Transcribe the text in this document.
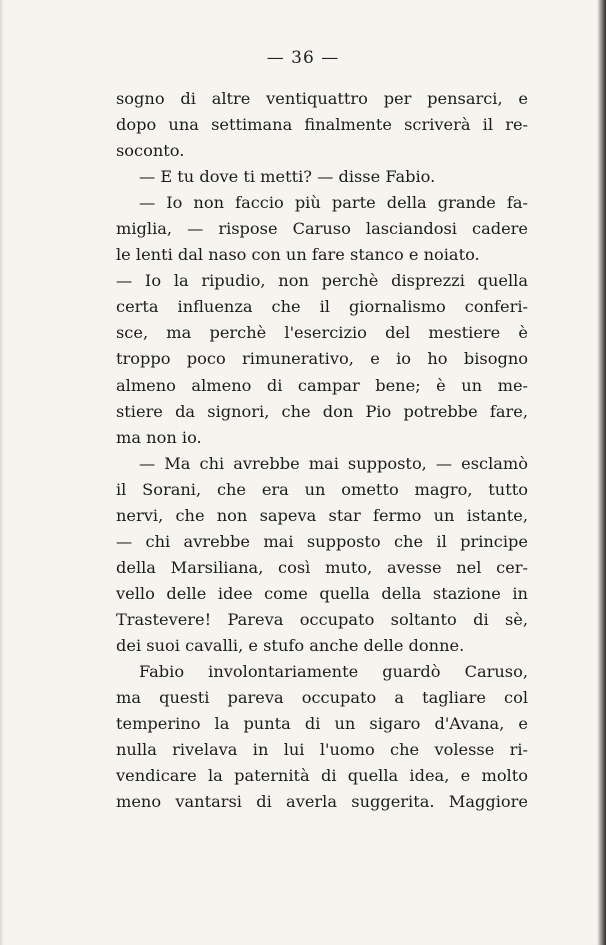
— 36 —
sogno di altre ventiquattro per pensarci, e
dopo una settimana finalmente scriverà il re-
soconto.
— E tu dove ti metti? — disse Fabio.
— Io non faccio più parte della grande fa-
miglia, — rispose Caruso lasciandosi cadere
le lenti dal naso con un fare stanco e noiato.
— Io la ripudio, non perchè disprezzi quella
certa influenza che il giornalismo conferi-
sce, ma perchè l'esercizio del mestiere è
troppo poco rimunerativo, e io ho bisogno
almeno almeno di campar bene; è un me-
stiere da signori, che don Pio potrebbe fare,
ma non io.
— Ma chi avrebbe mai supposto, — esclamò
il Sorani, che era un ometto magro, tutto
nervi, che non sapeva star fermo un istante,
— chi avrebbe mai supposto che il principe
della Marsiliana, così muto, avesse nel cer-
vello delle idee come quella della stazione in
Trastevere! Pareva occupato soltanto di sè,
dei suoi cavalli, e stufo anche delle donne.
Fabio involontariamente guardò Caruso,
ma questi pareva occupato a tagliare col
temperino la punta di un sigaro d'Avana, e
nulla rivelava in lui l'uomo che volesse ri-
vendicare la paternità di quella idea, e molto
meno vantarsi di averla suggerita. Maggiore
